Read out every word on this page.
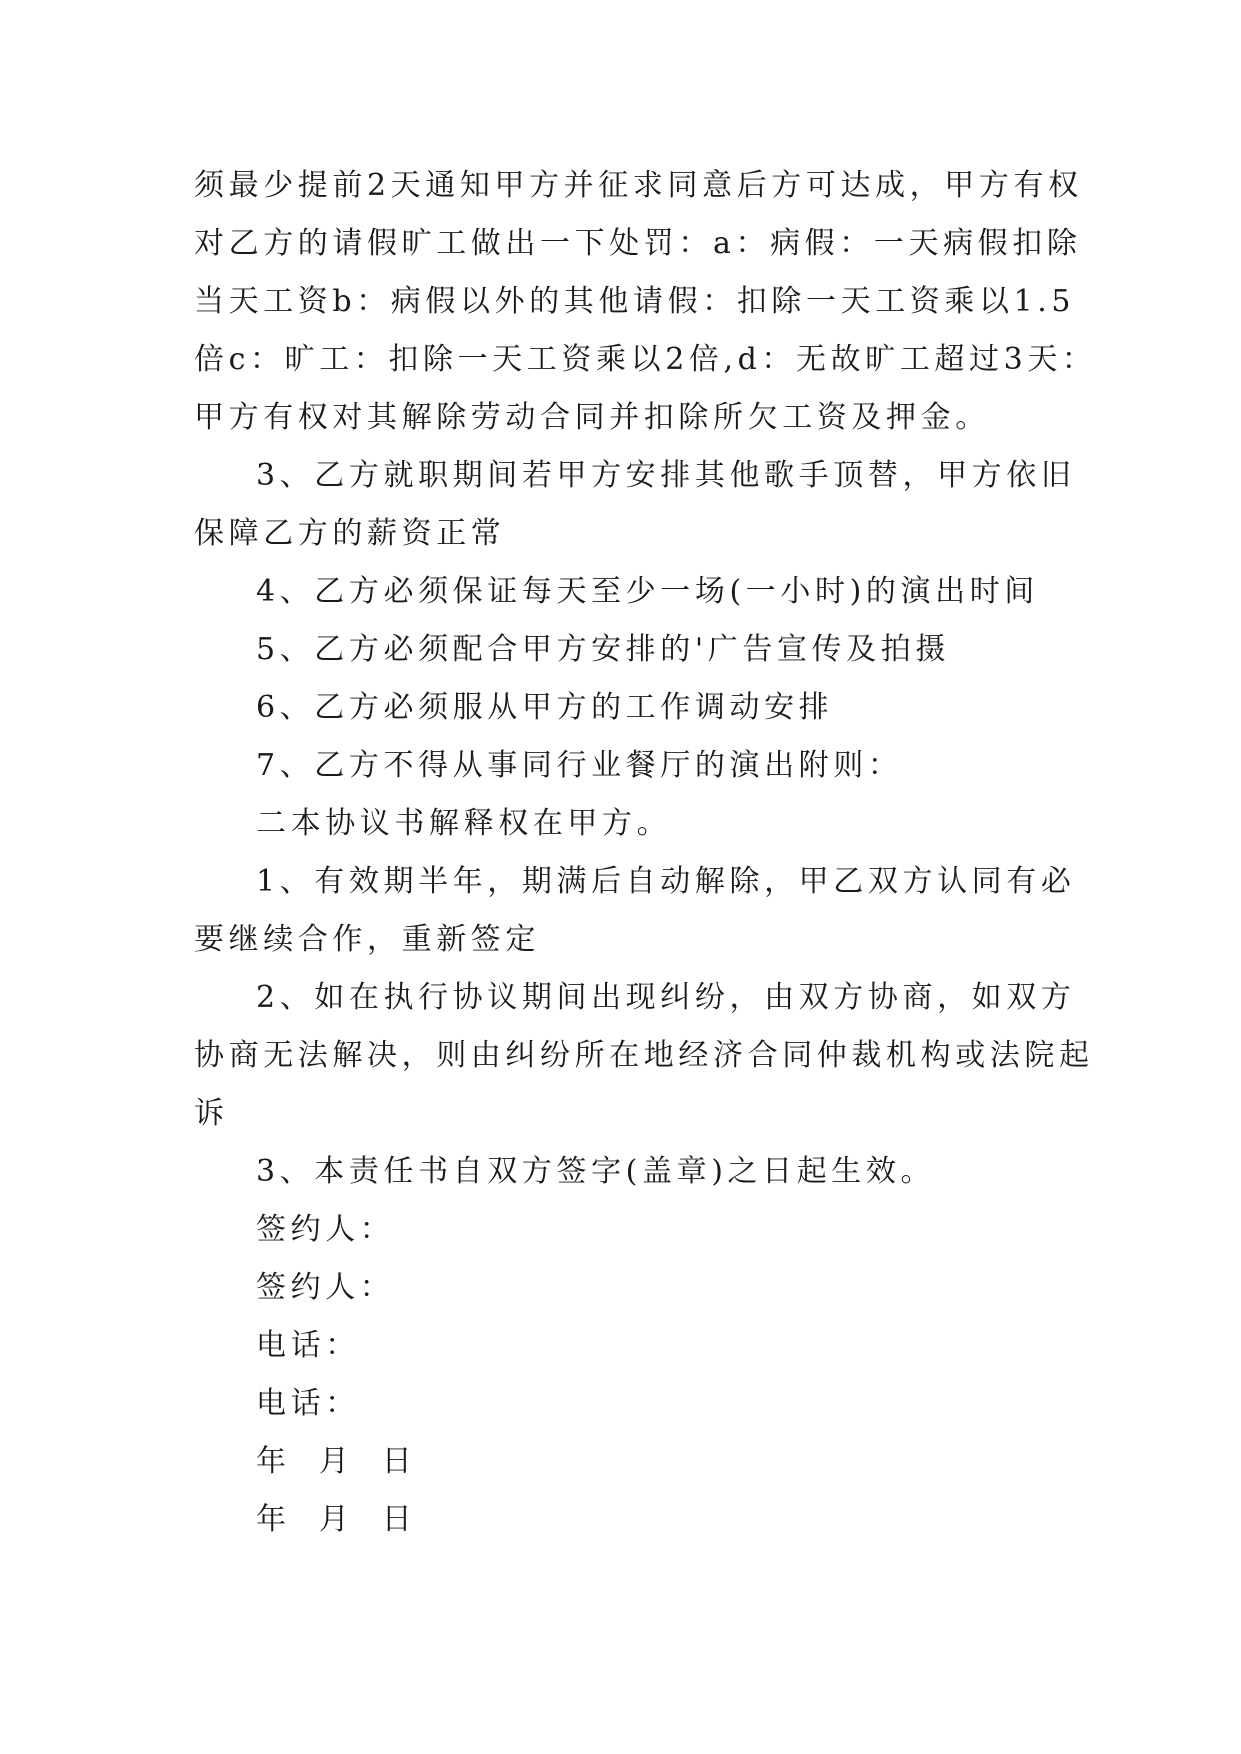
须最少提前2天通知甲方并征求同意后方可达成，甲方有权
对乙方的请假旷工做出一下处罚：a：病假：一天病假扣除
当天工资b：病假以外的其他请假：扣除一天工资乘以1.5
倍c：旷工：扣除一天工资乘以2倍,d：无故旷工超过3天：
甲方有权对其解除劳动合同并扣除所欠工资及押金。
3、乙方就职期间若甲方安排其他歌手顶替，甲方依旧
保障乙方的薪资正常

4、乙方必须保证每天至少一场(一小时)的演出时间

5、乙方必须配合甲方安排的'广告宣传及拍摄

6、乙方必须服从甲方的工作调动安排

7、乙方不得从事同行业餐厅的演出附则：

二本协议书解释权在甲方。

1、有效期半年，期满后自动解除，甲乙双方认同有必
要继续合作，重新签定
2、如在执行协议期间出现纠纷，由双方协商，如双方
协商无法解决，则由纠纷所在地经济合同仲裁机构或法院起
诉

3、本责任书自双方签字(盖章)之日起生效。

签约人：

签约人：

电话：

电话：

年  月  日

年  月  日
